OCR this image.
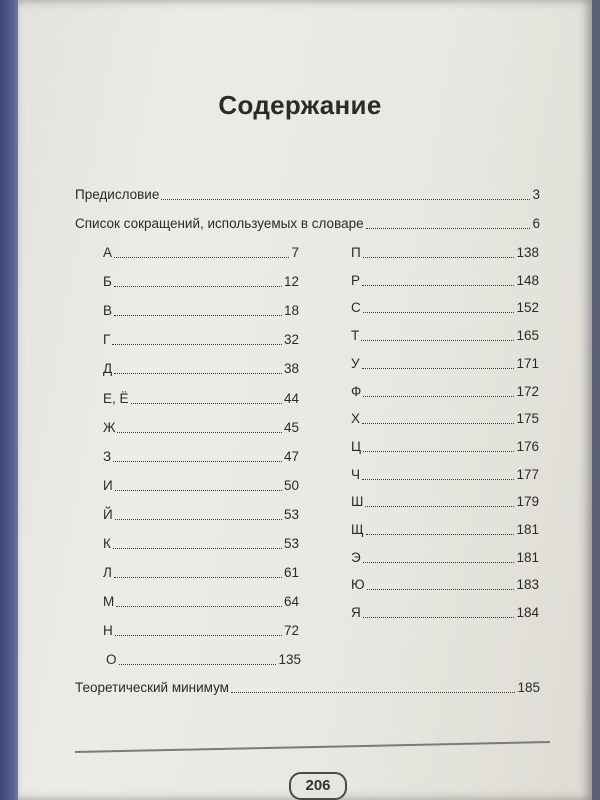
Содержание
Предисловие	3
Список сокращений, используемых в словаре	6
А	7
Б	12
В	18
Г	32
Д	38
Е, Ё	44
Ж	45
З	47
И	50
Й	53
К	53
Л	61
М	64
Н	72
О	135
П	138
Р	148
С	152
Т	165
У	171
Ф	172
Х	175
Ц	176
Ч	177
Ш	179
Щ	181
Э	181
Ю	183
Я	184
Теоретический минимум	185
206
